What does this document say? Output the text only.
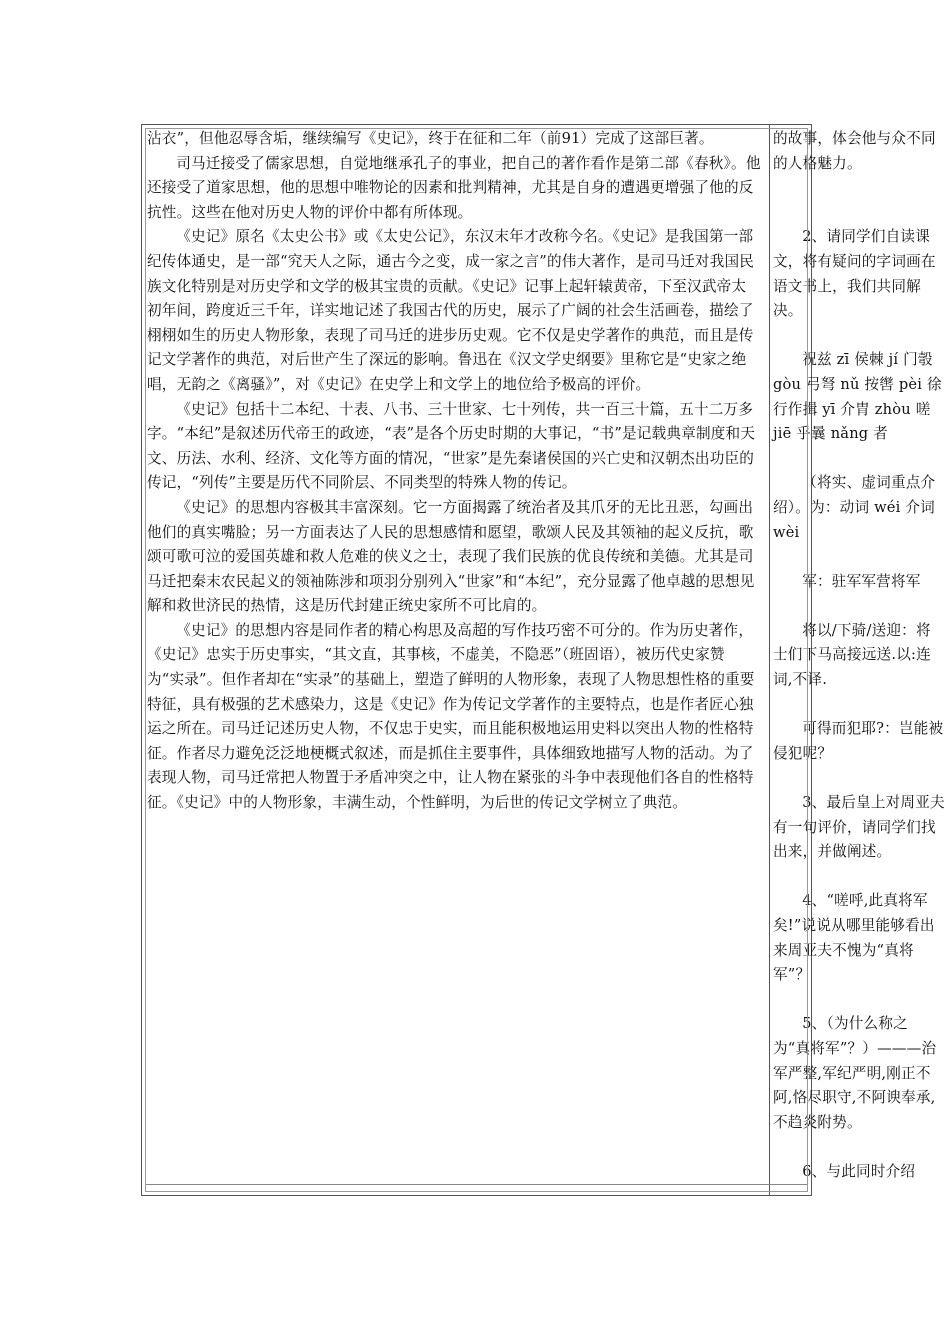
沾衣”，但他忍辱含垢，继续编写《史记》，终于在征和二年（前91）完成了这部巨著。

司马迁接受了儒家思想，自觉地继承孔子的事业，把自己的著作看作是第二部《春秋》。他还接受了道家思想，他的思想中唯物论的因素和批判精神，尤其是自身的遭遇更增强了他的反抗性。这些在他对历史人物的评价中都有所体现。

《史记》原名《太史公书》或《太史公记》，东汉末年才改称今名。《史记》是我国第一部纪传体通史，是一部“究天人之际，通古今之变，成一家之言”的伟大著作，是司马迁对我国民族文化特别是对历史学和文学的极其宝贵的贡献。《史记》记事上起轩辕黄帝，下至汉武帝太初年间，跨度近三千年，详实地记述了我国古代的历史，展示了广阔的社会生活画卷，描绘了栩栩如生的历史人物形象，表现了司马迁的进步历史观。它不仅是史学著作的典范，而且是传记文学著作的典范，对后世产生了深远的影响。鲁迅在《汉文学史纲要》里称它是“史家之绝唱，无韵之《离骚》”，对《史记》在史学上和文学上的地位给予极高的评价。

《史记》包括十二本纪、十表、八书、三十世家、七十列传，共一百三十篇，五十二万多字。“本纪”是叙述历代帝王的政迹，“表”是各个历史时期的大事记，“书”是记载典章制度和天文、历法、水利、经济、文化等方面的情况，“世家”是先秦诸侯国的兴亡史和汉朝杰出功臣的传记，“列传”主要是历代不同阶层、不同类型的特殊人物的传记。

《史记》的思想内容极其丰富深刻。它一方面揭露了统治者及其爪牙的无比丑恶，勾画出他们的真实嘴脸；另一方面表达了人民的思想感情和愿望，歌颂人民及其领袖的起义反抗，歌颂可歌可泣的爱国英雄和救人危难的侠义之士，表现了我们民族的优良传统和美德。尤其是司马迁把秦末农民起义的领袖陈涉和项羽分别列入“世家”和“本纪”，充分显露了他卓越的思想见解和救世济民的热情，这是历代封建正统史家所不可比肩的。

《史记》的思想内容是同作者的精心构思及高超的写作技巧密不可分的。作为历史著作，《史记》忠实于历史事实，“其文直，其事核，不虚美，不隐恶”（班固语），被历代史家赞为“实录”。但作者却在“实录”的基础上，塑造了鲜明的人物形象，表现了人物思想性格的重要特征，具有极强的艺术感染力，这是《史记》作为传记文学著作的主要特点，也是作者匠心独运之所在。司马迁记述历史人物，不仅忠于史实，而且能积极地运用史料以突出人物的性格特征。作者尽力避免泛泛地梗概式叙述，而是抓住主要事件，具体细致地描写人物的活动。为了表现人物，司马迁常把人物置于矛盾冲突之中，让人物在紧张的斗争中表现他们各自的性格特征。《史记》中的人物形象，丰满生动，个性鲜明，为后世的传记文学树立了典范。

的故事，体会他与众不同的人格魅力。

2、请同学们自读课文，将有疑问的字词画在语文书上，我们共同解决。

祝兹 zī 侯棘 jí 门彀 gòu 弓弩 nǔ 按辔 pèi 徐行作揖 yī 介胄 zhòu 嗟 jiē 乎曩 nǎng 者

（将实、虚词重点介绍）。为：动词 wéi 介词 wèi

军：驻军军营将军

将以/下骑/送迎：将士们下马高接远送.以:连词,不译.

可得而犯耶?：岂能被侵犯呢？

3、最后皇上对周亚夫有一句评价，请同学们找出来，并做阐述。

4、“嗟呼,此真将军矣!”说说从哪里能够看出来周亚夫不愧为“真将军”？

5、（为什么称之为“真将军”？）———治军严整,军纪严明,刚正不阿,恪尽职守,不阿谀奉承,不趋炎附势。

6、与此同时介绍
